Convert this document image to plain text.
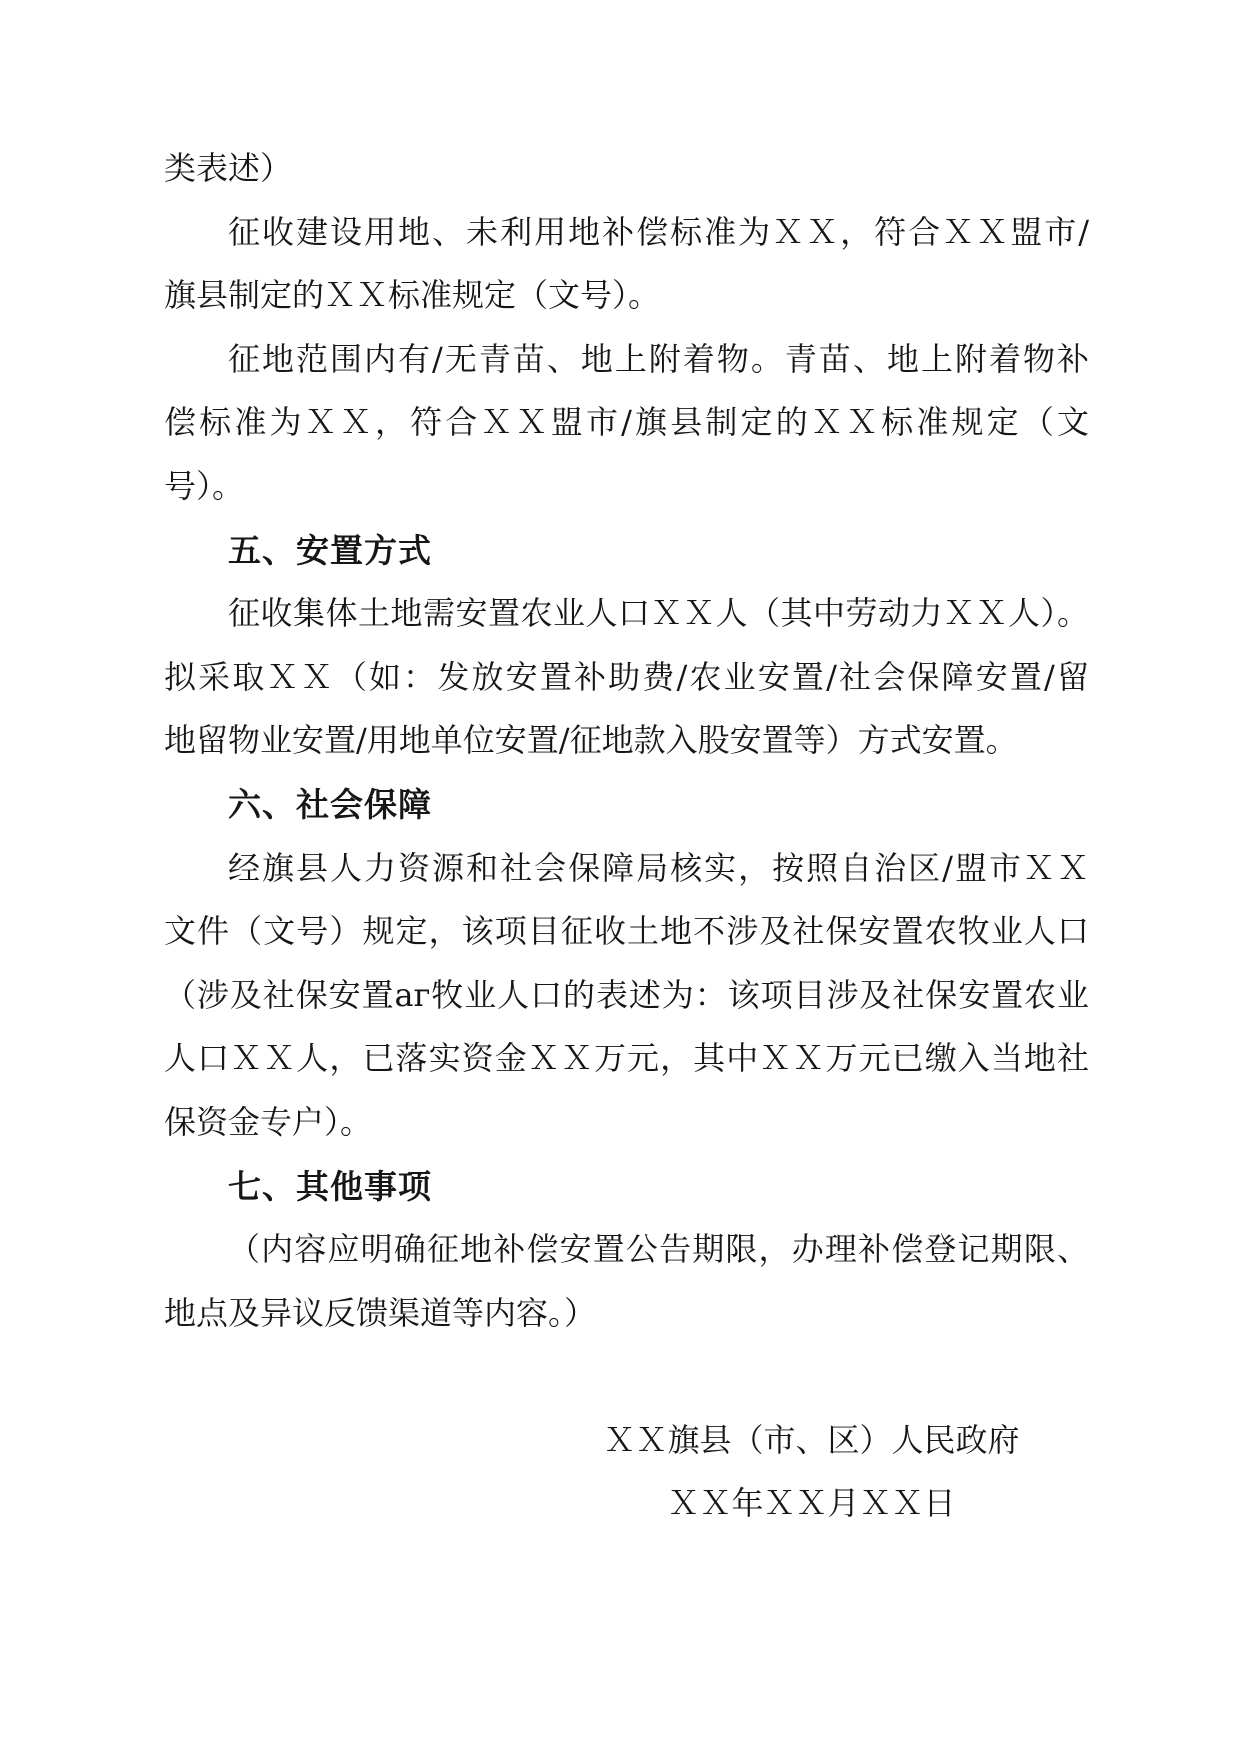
类表述）
征收建设用地、未利用地补偿标准为ＸＸ，符合ＸＸ盟市/
旗县制定的ＸＸ标准规定（文号）。
征地范围内有/无青苗、地上附着物。青苗、地上附着物补
偿标准为ＸＸ，符合ＸＸ盟市/旗县制定的ＸＸ标准规定（文
号）。
五、安置方式
征收集体土地需安置农业人口ＸＸ人（其中劳动力ＸＸ人）。
拟采取ＸＸ（如：发放安置补助费/农业安置/社会保障安置/留
地留物业安置/用地单位安置/征地款入股安置等）方式安置。
六、社会保障
经旗县人力资源和社会保障局核实，按照自治区/盟市ＸＸ
文件（文号）规定，该项目征收土地不涉及社保安置农牧业人口
（涉及社保安置аг牧业人口的表述为：该项目涉及社保安置农业
人口ＸＸ人，已落实资金ＸＸ万元，其中ＸＸ万元已缴入当地社
保资金专户）。
七、其他事项
（内容应明确征地补偿安置公告期限，办理补偿登记期限、
地点及异议反馈渠道等内容。）
ＸＸ旗县（市、区）人民政府
ＸＸ年ＸＸ月ＸＸ日
